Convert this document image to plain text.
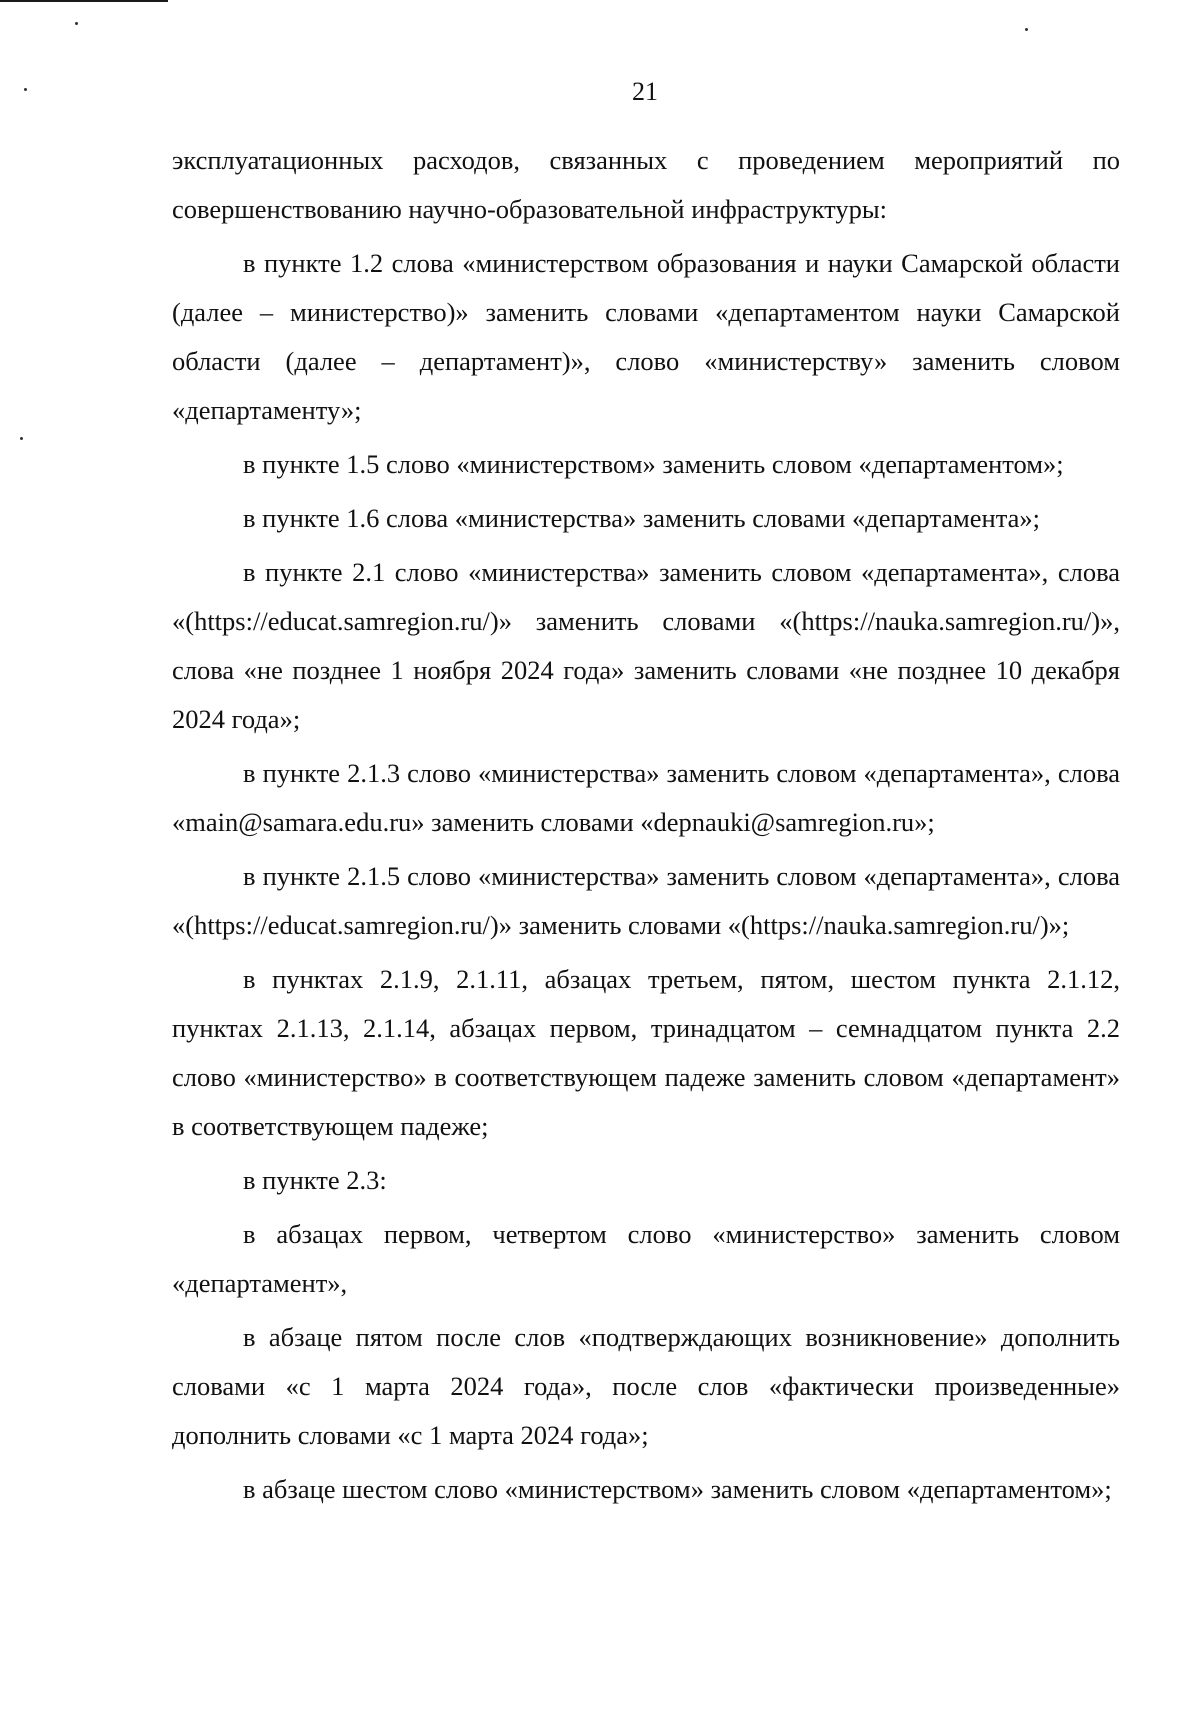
21

эксплуатационных расходов, связанных с проведением мероприятий по совершенствованию научно-образовательной инфраструктуры:

в пункте 1.2 слова «министерством образования и науки Самарской области (далее – министерство)» заменить словами «департаментом науки Самарской области (далее – департамент)», слово «министерству» заменить словом «департаменту»;

в пункте 1.5 слово «министерством» заменить словом «департаментом»;

в пункте 1.6 слова «министерства» заменить словами «департамента»;

в пункте 2.1 слово «министерства» заменить словом «департамента», слова «(https://educat.samregion.ru/)» заменить словами «(https://nauka.samregion.ru/)», слова «не позднее 1 ноября 2024 года» заменить словами «не позднее 10 декабря 2024 года»;

в пункте 2.1.3 слово «министерства» заменить словом «департамента», слова «main@samara.edu.ru» заменить словами «depnauki@samregion.ru»;

в пункте 2.1.5 слово «министерства» заменить словом «департамента», слова «(https://educat.samregion.ru/)» заменить словами «(https://nauka.samregion.ru/)»;

в пунктах 2.1.9, 2.1.11, абзацах третьем, пятом, шестом пункта 2.1.12, пунктах 2.1.13, 2.1.14, абзацах первом, тринадцатом – семнадцатом пункта 2.2 слово «министерство» в соответствующем падеже заменить словом «департамент» в соответствующем падеже;

в пункте 2.3:

в абзацах первом, четвертом слово «министерство» заменить словом «департамент»,

в абзаце пятом после слов «подтверждающих возникновение» дополнить словами «с 1 марта 2024 года», после слов «фактически произведенные» дополнить словами «с 1 марта 2024 года»;

в абзаце шестом слово «министерством» заменить словом «департаментом»;
